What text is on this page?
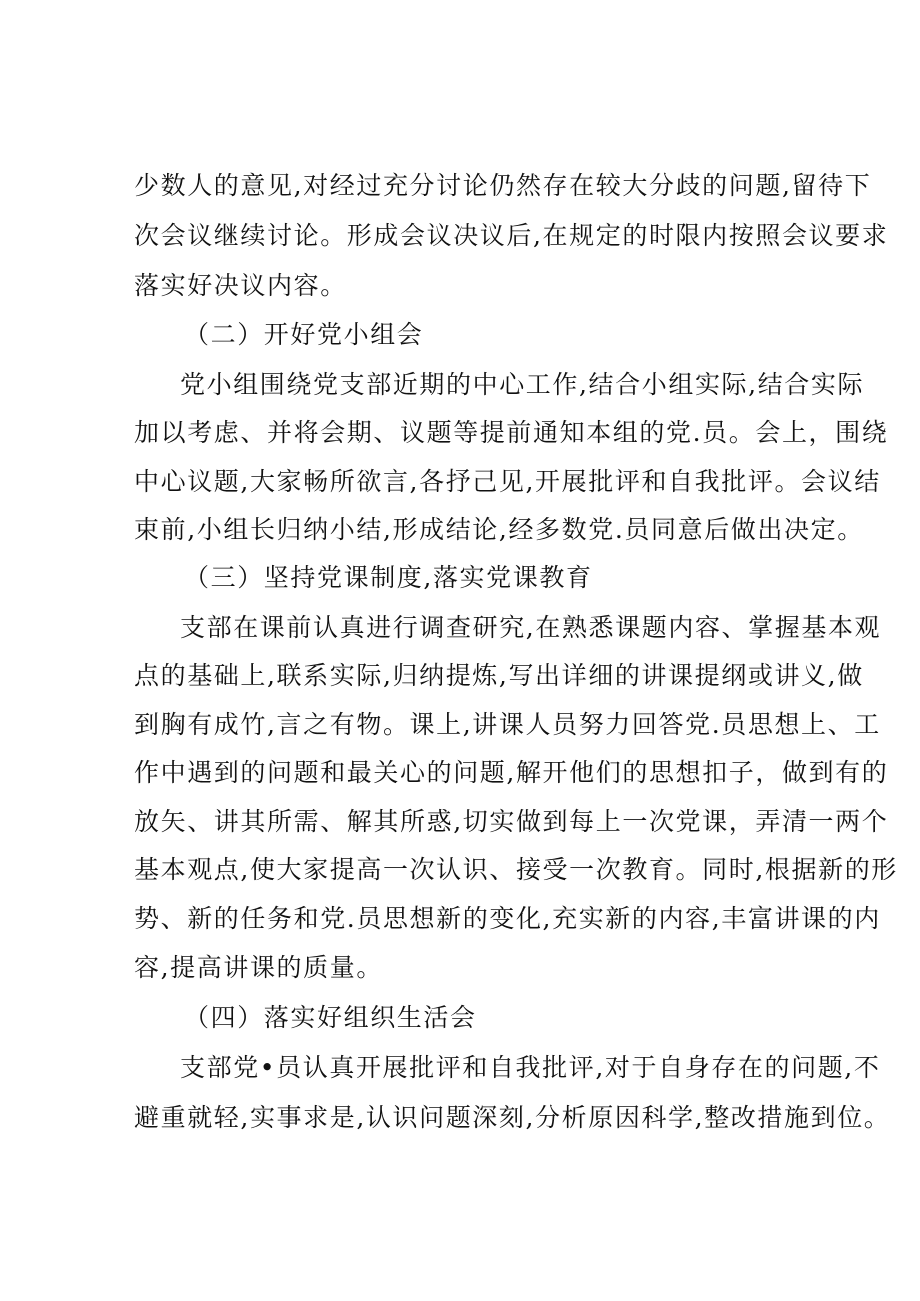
少数人的意见,对经过充分讨论仍然存在较大分歧的问题,留待下
次会议继续讨论。形成会议决议后,在规定的时限内按照会议要求
落实好决议内容。
（二）开好党小组会
党小组围绕党支部近期的中心工作,结合小组实际,结合实际
加以考虑、并将会期、议题等提前通知本组的党.员。会上，围绕
中心议题,大家畅所欲言,各抒己见,开展批评和自我批评。会议结
束前,小组长归纳小结,形成结论,经多数党.员同意后做出决定。
（三）坚持党课制度,落实党课教育
支部在课前认真进行调查研究,在熟悉课题内容、掌握基本观
点的基础上,联系实际,归纳提炼,写出详细的讲课提纲或讲义,做
到胸有成竹,言之有物。课上,讲课人员努力回答党.员思想上、工
作中遇到的问题和最关心的问题,解开他们的思想扣子，做到有的
放矢、讲其所需、解其所惑,切实做到每上一次党课，弄清一两个
基本观点,使大家提高一次认识、接受一次教育。同时,根据新的形
势、新的任务和党.员思想新的变化,充实新的内容,丰富讲课的内
容,提高讲课的质量。
（四）落实好组织生活会
支部党•员认真开展批评和自我批评,对于自身存在的问题,不
避重就轻,实事求是,认识问题深刻,分析原因科学,整改措施到位。
